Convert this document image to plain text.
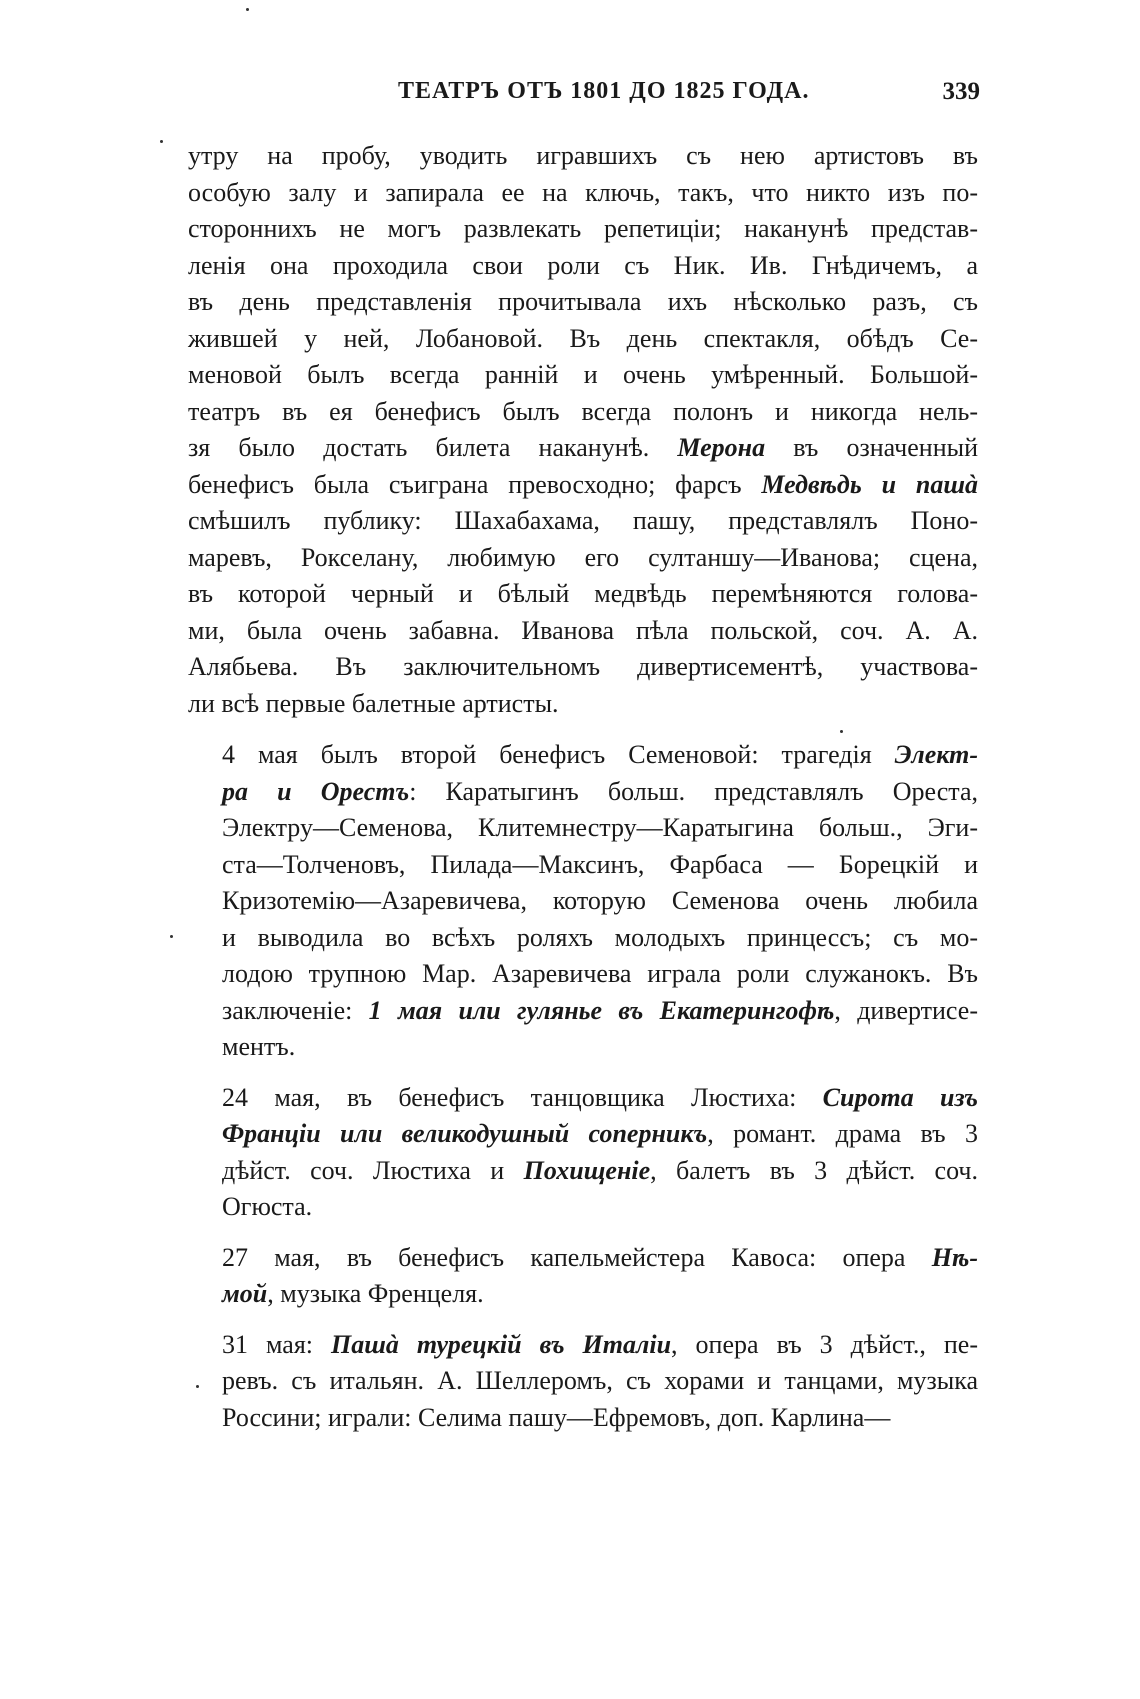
ТЕАТРЪ ОТЪ 1801 ДО 1825 ГОДА.	339
утру на пробу, уводить игравшихъ съ нею артистовъ въ
особую залу и запирала ее на ключь, такъ, что никто изъ по-
стороннихъ не могъ развлекать репетиціи; наканунѣ представ-
ленія она проходила свои роли съ Ник. Ив. Гнѣдичемъ, а
въ день представленія прочитывала ихъ нѣсколько разъ, съ
жившей у ней, Лобановой. Въ день спектакля, обѣдъ Се-
меновой былъ всегда ранній и очень умѣренный. Большой-
театръ въ ея бенефисъ былъ всегда полонъ и никогда нель-
зя было достать билета наканунѣ. Мерона въ означенный
бенефисъ была съиграна превосходно; фарсъ Медвѣдь и пашà
смѣшилъ публику: Шахабахама, пашу, представлялъ Поно-
маревъ, Рокселану, любимую его султаншу—Иванова; сцена,
въ которой черный и бѣлый медвѣдь перемѣняются голова-
ми, была очень забавна. Иванова пѣла польской, соч. А. А.
Алябьева. Въ заключительномъ дивертисементѣ, участвова-
ли всѣ первые балетные артисты.
4 мая былъ второй бенефисъ Семеновой: трагедія Элект-
ра и Орестъ: Каратыгинъ больш. представлялъ Ореста,
Электру—Семенова, Клитемнестру—Каратыгина больш., Эги-
ста—Толченовъ, Пилада—Максинъ, Фарбаса — Борецкій и
Кризотемію—Азаревичева, которую Семенова очень любила
и выводила во всѣхъ роляхъ молодыхъ принцессъ; съ мо-
лодою трупною Мар. Азаревичева играла роли служанокъ. Въ
заключеніе: 1 мая или гулянье въ Екатерингофѣ, дивертисе-
ментъ.
24 мая, въ бенефисъ танцовщика Люстиха: Сирота изъ
Франціи или великодушный соперникъ, романт. драма въ 3
дѣйст. соч. Люстиха и Похищеніе, балетъ въ 3 дѣйст. соч.
Огюста.
27 мая, въ бенефисъ капельмейстера Кавоса: опера Нѣ-
мой, музыка Френцеля.
31 мая: Пашà турецкій въ Италіи, опера въ 3 дѣйст., пе-
ревъ. съ итальян. А. Шеллеромъ, съ хорами и танцами, музыка
Россини; играли: Селима пашу—Ефремовъ, доп. Карлина—
